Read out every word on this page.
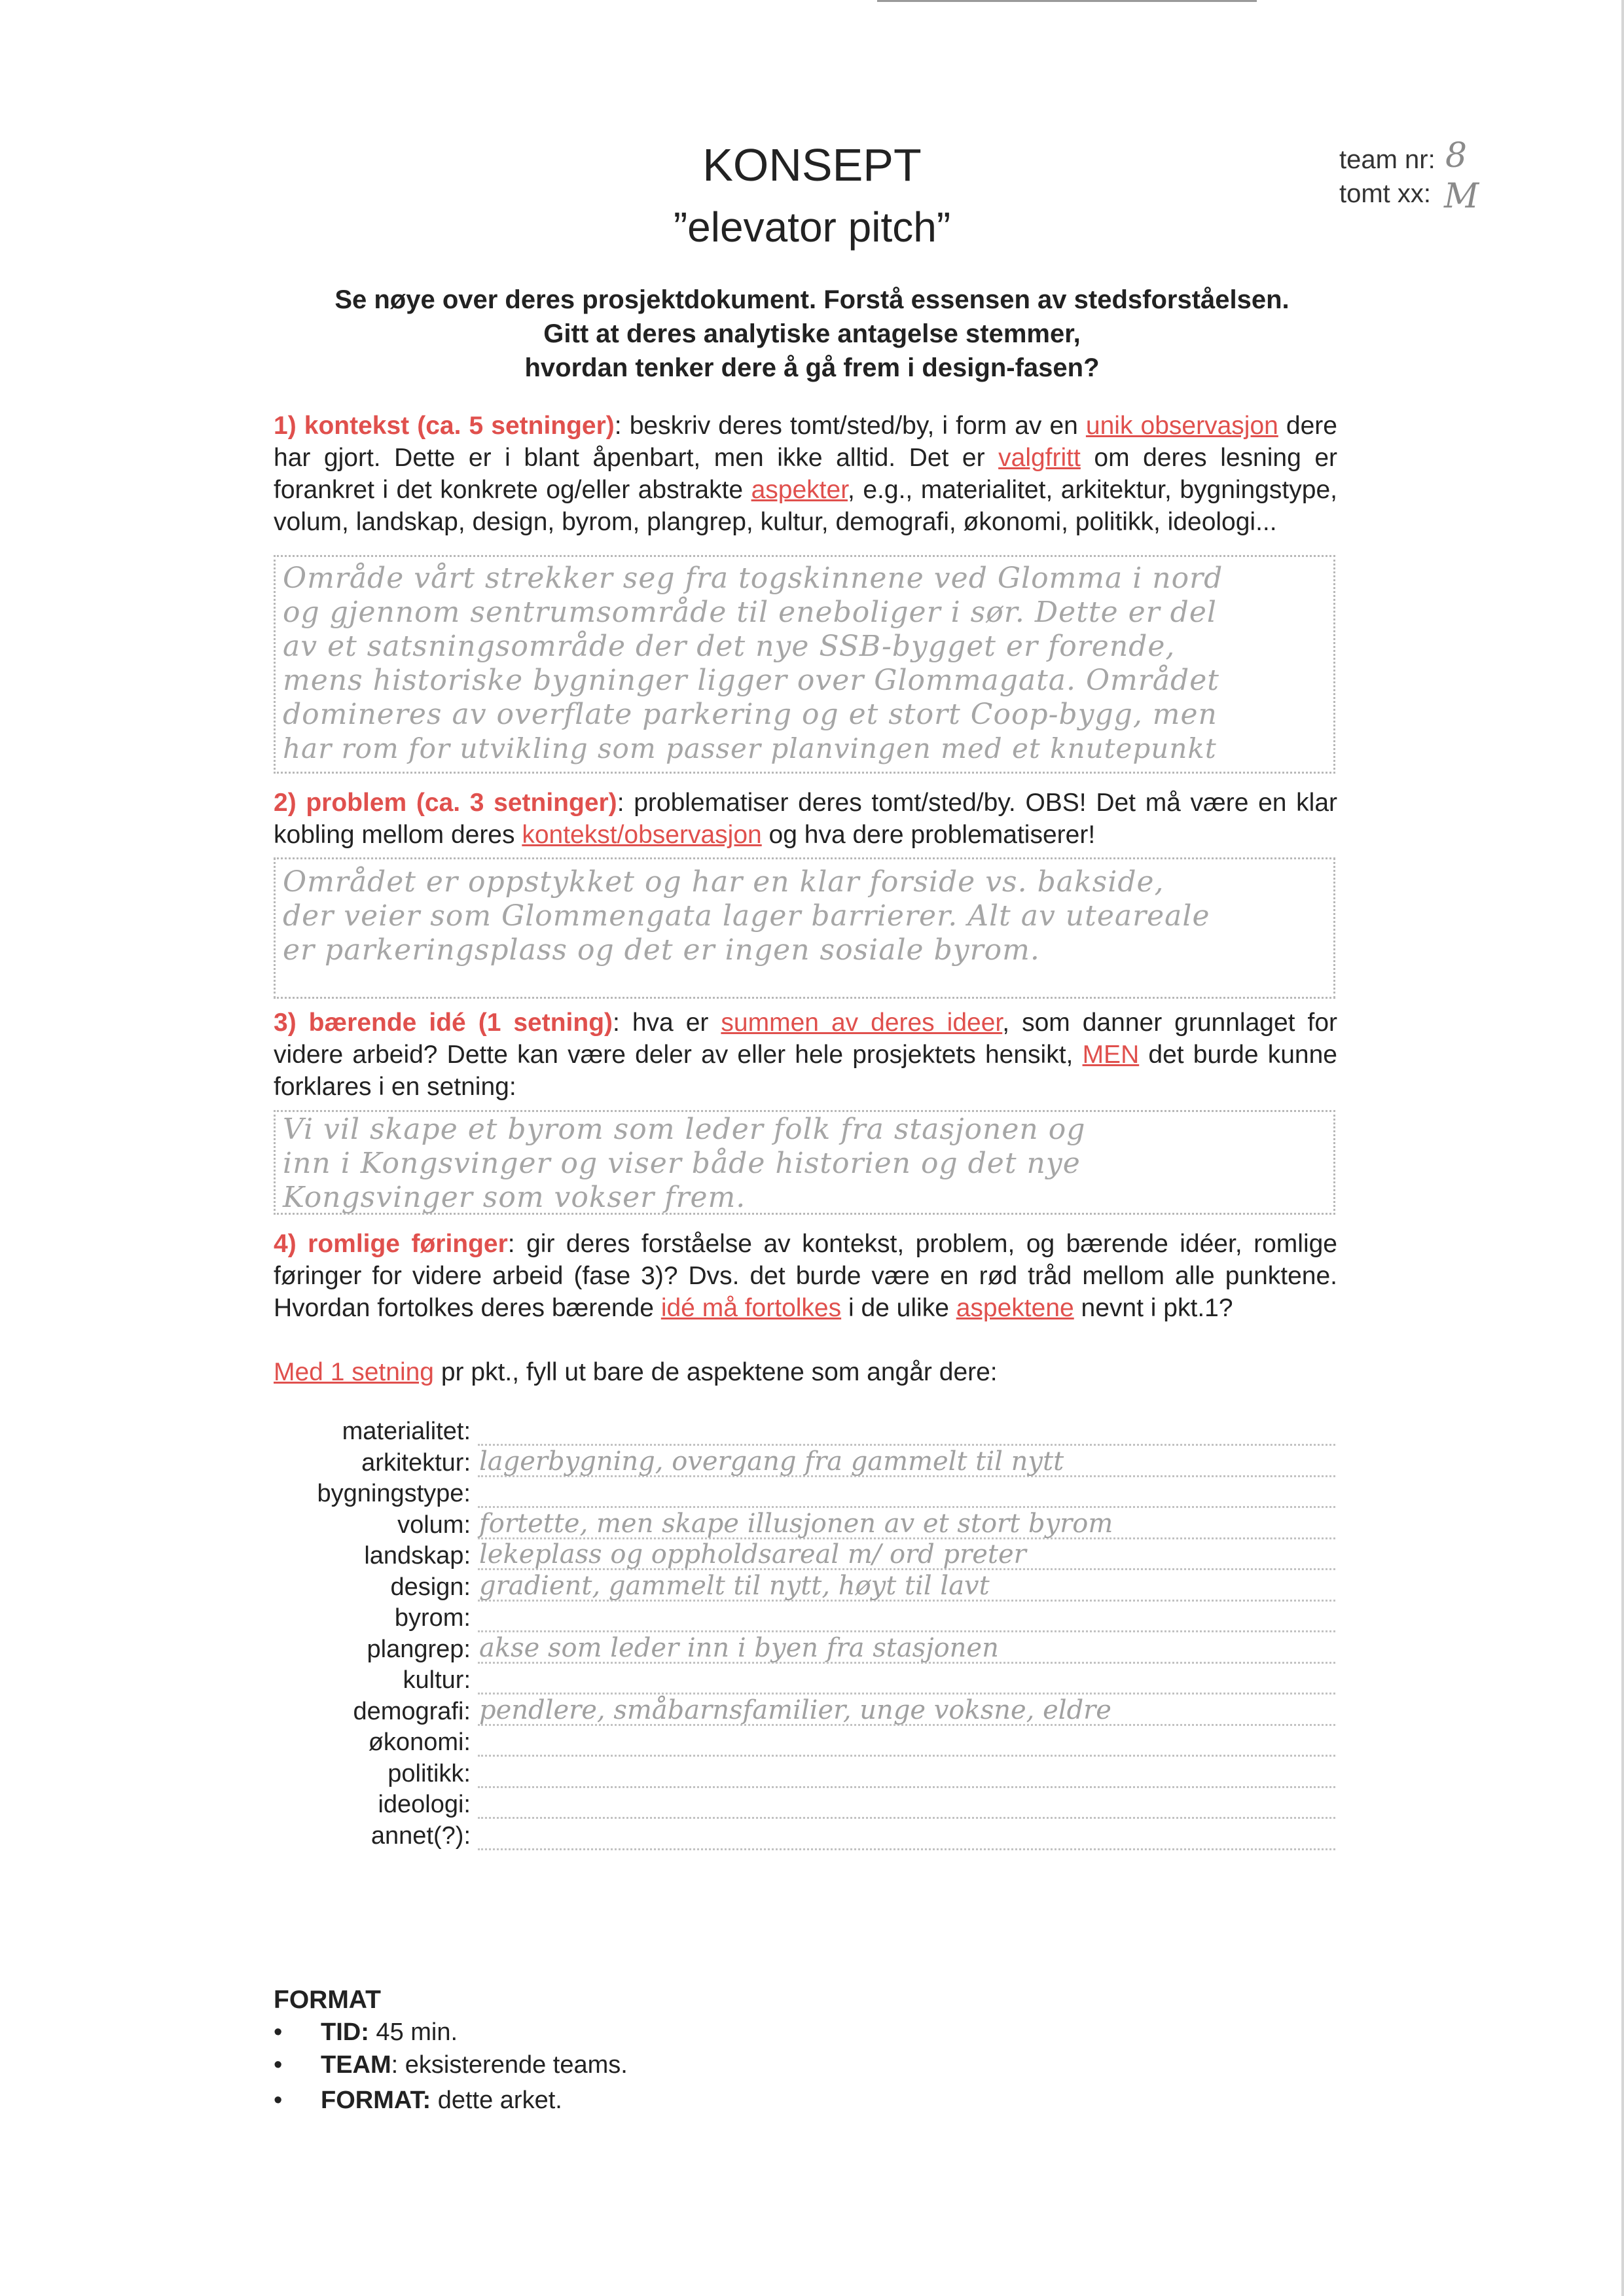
KONSEPT
”elevator pitch”
team nr: 8
tomt xx: M
Se nøye over deres prosjektdokument. Forstå essensen av stedsforståelsen.
Gitt at deres analytiske antagelse stemmer,
hvordan tenker dere å gå frem i design-fasen?
1) kontekst (ca. 5 setninger): beskriv deres tomt/sted/by, i form av en unik observasjon dere har gjort. Dette er i blant åpenbart, men ikke alltid. Det er valgfritt om deres lesning er forankret i det konkrete og/eller abstrakte aspekter, e.g., materialitet, arkitektur, bygningstype, volum, landskap, design, byrom, plangrep, kultur, demografi, økonomi, politikk, ideologi...
Område vårt strekker seg fra togskinnene ved Glomma i nord
og gjennom sentrumsområde til eneboliger i sør. Dette er del
av et satsningsområde der det nye SSB-bygget er forende,
mens historiske bygninger ligger over Glommagata. Området
domineres av overflate parkering og et stort Coop-bygg, men
har rom for utvikling som passer planvingen med et knutepunkt
2) problem (ca. 3 setninger): problematiser deres tomt/sted/by. OBS! Det må være en klar kobling mellom deres kontekst/observasjon og hva dere problematiserer!
Området er oppstykket og har en klar forside vs. bakside,
der veier som Glommengata lager barrierer. Alt av uteareale
er parkeringsplass og det er ingen sosiale byrom.
3) bærende idé (1 setning): hva er summen av deres ideer, som danner grunnlaget for videre arbeid? Dette kan være deler av eller hele prosjektets hensikt, MEN det burde kunne forklares i en setning:
Vi vil skape et byrom som leder folk fra stasjonen og
inn i Kongsvinger og viser både historien og det nye
Kongsvinger som vokser frem.
4) romlige føringer: gir deres forståelse av kontekst, problem, og bærende idéer, romlige føringer for videre arbeid (fase 3)? Dvs. det burde være en rød tråd mellom alle punktene. Hvordan fortolkes deres bærende idé må fortolkes i de ulike aspektene nevnt i pkt.1?
Med 1 setning pr pkt., fyll ut bare de aspektene som angår dere:
materialitet:
arkitektur: lagerbygning, overgang fra gammelt til nytt
bygningstype:
volum: fortette, men skape illusjonen av et stort byrom
landskap: lekeplass og oppholdsareal m/ ord preter
design: gradient, gammelt til nytt, høyt til lavt
byrom:
plangrep: akse som leder inn i byen fra stasjonen
kultur:
demografi: pendlere, småbarnsfamilier, unge voksne, eldre
økonomi:
politikk:
ideologi:
annet(?):
FORMAT
• TID: 45 min.
• TEAM: eksisterende teams.
• FORMAT: dette arket.
